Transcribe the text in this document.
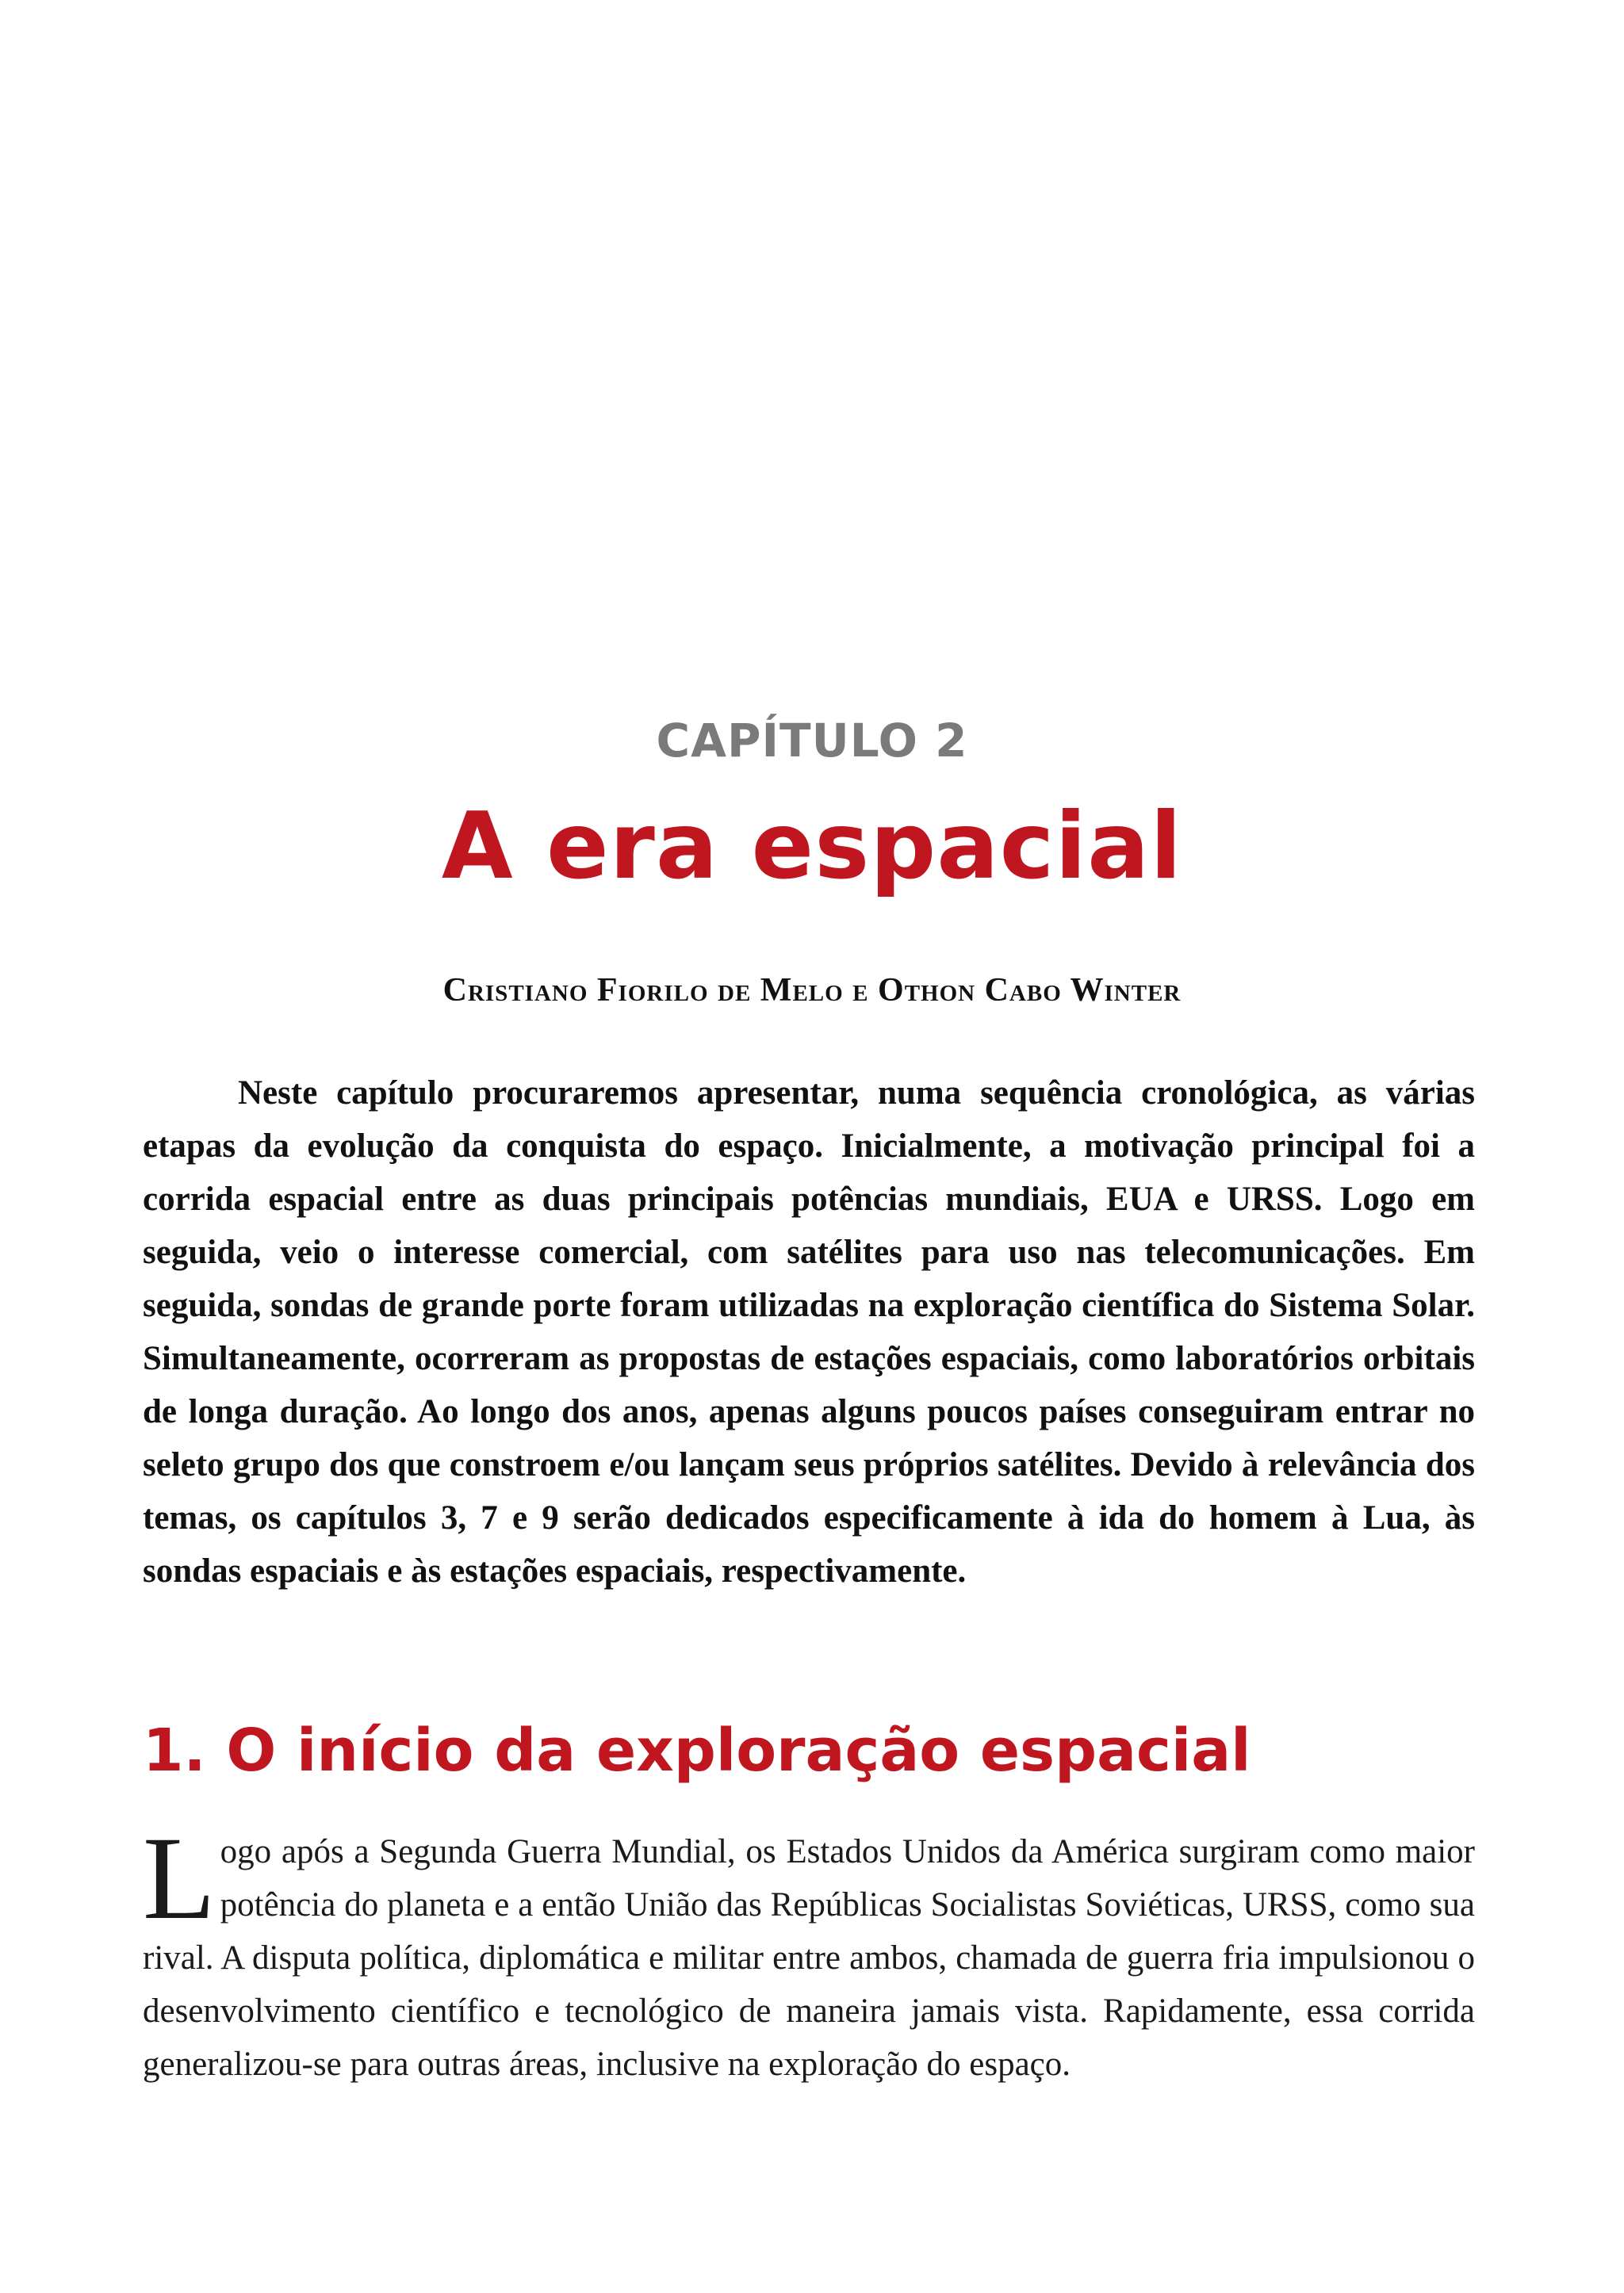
CAPÍTULO 2
A era espacial
Cristiano Fiorilo de Melo e Othon Cabo Winter

Neste capítulo procuraremos apresentar, numa sequência cronológica, as várias etapas da evolução da conquista do espaço. Inicialmente, a motivação principal foi a corrida espacial entre as duas principais potências mundiais, EUA e URSS. Logo em seguida, veio o interesse comercial, com satélites para uso nas telecomunicações. Em seguida, sondas de grande porte foram utilizadas na exploração científica do Sistema Solar. Simultaneamente, ocorreram as propostas de estações espaciais, como laboratórios orbitais de longa duração. Ao longo dos anos, apenas alguns poucos países conseguiram entrar no seleto grupo dos que constroem e/ou lançam seus próprios satélites. Devido à relevância dos temas, os capítulos 3, 7 e 9 serão dedicados especificamente à ida do homem à Lua, às sondas espaciais e às estações espaciais, respectivamente.

1. O início da exploração espacial

Logo após a Segunda Guerra Mundial, os Estados Unidos da América surgiram como maior potência do planeta e a então União das Repúblicas Socialistas Soviéticas, URSS, como sua rival. A disputa política, diplomática e militar entre ambos, chamada de guerra fria impulsionou o desenvolvimento científico e tecnológico de maneira jamais vista. Rapidamente, essa corrida generalizou-se para outras áreas, inclusive na exploração do espaço.
